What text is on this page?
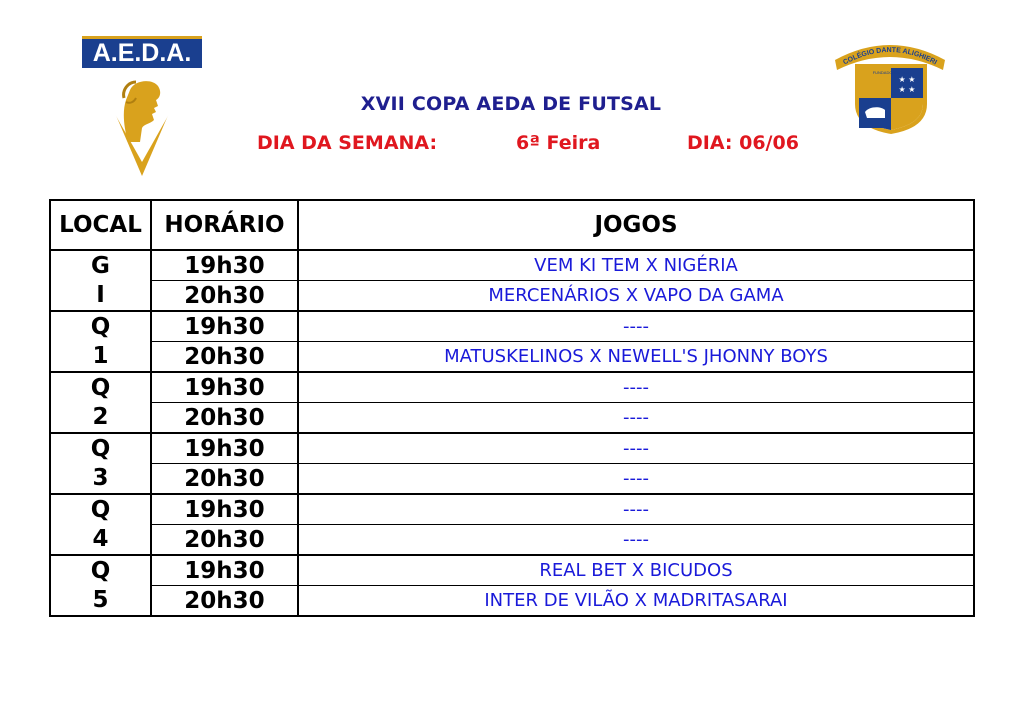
A.E.D.A.	COLÉGIO DANTE ALIGHIERI
★ ★
★ ★
FUNDADO EM 1911
XVII COPA AEDA DE FUTSAL
DIA DA SEMANA:	6ª Feira	DIA: 06/06
LOCAL	HORÁRIO	JOGOS
G	19h30	VEM KI TEM X NIGÉRIA
I	20h30	MERCENÁRIOS X VAPO DA GAMA
Q	19h30	----
1	20h30	MATUSKELINOS X NEWELL'S JHONNY BOYS
Q	19h30	----
2	20h30	----
Q	19h30	----
3	20h30	----
Q	19h30	----
4	20h30	----
Q	19h30	REAL BET X BICUDOS
5	20h30	INTER DE VILÃO X MADRITASARAI
